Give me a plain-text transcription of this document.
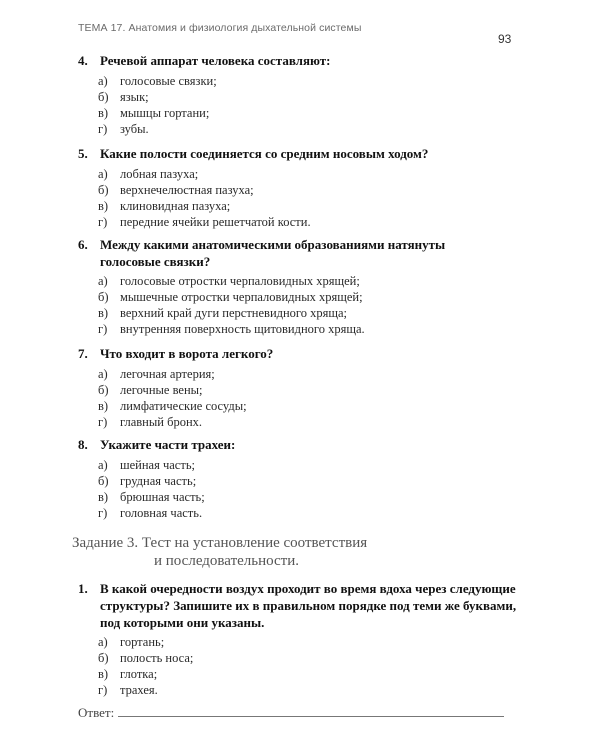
ТЕМА 17. Анатомия и физиология дыхательной системы
93
4. Речевой аппарат человека составляют:
а) голосовые связки;
б) язык;
в) мышцы гортани;
г)	зубы.
5. Какие полости соединяется со средним носовым ходом?
а) лобная пазуха;
б) верхнечелюстная пазуха;
в) клиновидная пазуха;
г)	передние ячейки решетчатой кости.
6. Между какими анатомическими образованиями натянуты голосовые связки?
а) голосовые отростки черпаловидных хрящей;
б) мышечные отростки черпаловидных хрящей;
в) верхний край дуги перстневидного хряща;
г)	внутренняя поверхность щитовидного хряща.
7. Что входит в ворота легкого?
а) легочная артерия;
б) легочные вены;
в) лимфатические сосуды;
г)	главный бронх.
8. Укажите части трахеи:
а) шейная часть;
б) грудная часть;
в) брюшная часть;
г)	головная часть.
Задание 3. Тест на установление соответствия
и последовательности.
1. В какой очередности воздух проходит во время вдоха через следующие структуры? Запишите их в правильном порядке под теми же буквами, под которыми они указаны.
а) гортань;
б) полость носа;
в) глотка;
г)	трахея.
Ответ:
